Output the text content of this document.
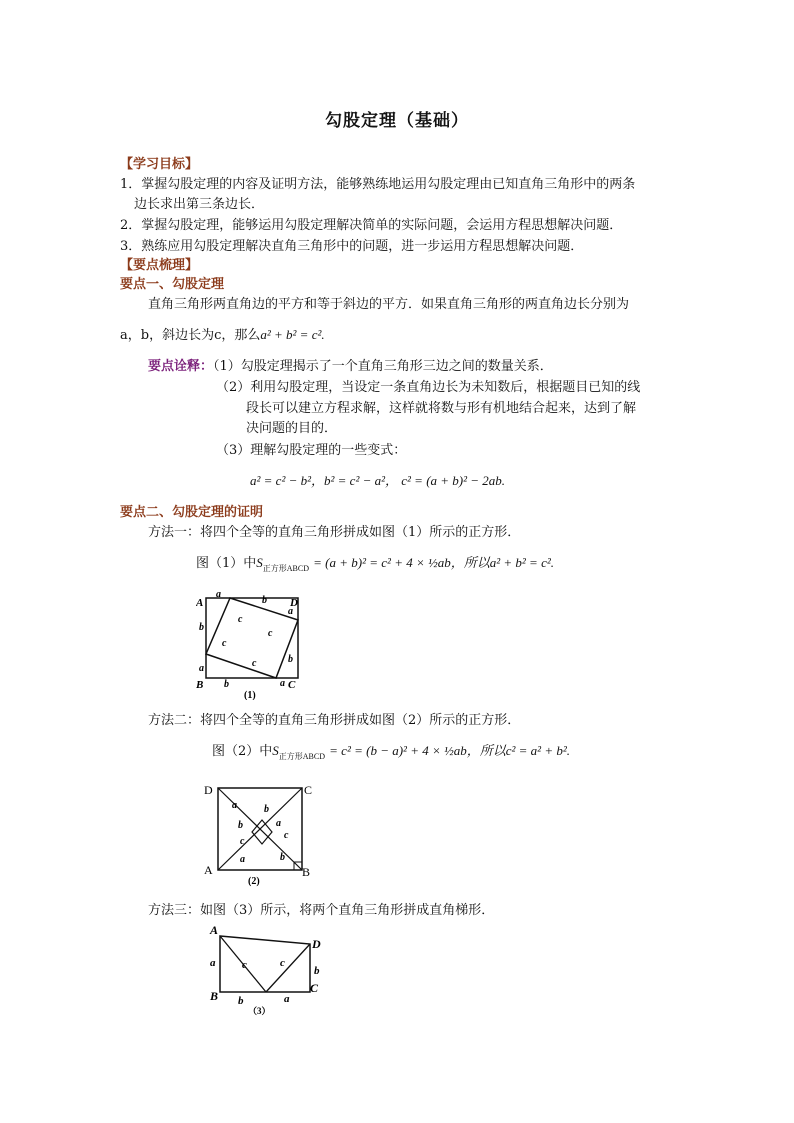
勾股定理（基础）
【学习目标】
1．掌握勾股定理的内容及证明方法，能够熟练地运用勾股定理由已知直角三角形中的两条
边长求出第三条边长．
2．掌握勾股定理，能够运用勾股定理解决简单的实际问题，会运用方程思想解决问题．
3．熟练应用勾股定理解决直角三角形中的问题，进一步运用方程思想解决问题．
【要点梳理】
要点一、勾股定理
直角三角形两直角边的平方和等于斜边的平方．如果直角三角形的两直角边长分别为
a，b，斜边长为c，那么a² + b² = c².
要点诠释：（1）勾股定理揭示了一个直角三角形三边之间的数量关系．
（2）利用勾股定理，当设定一条直角边长为未知数后，根据题目已知的线
段长可以建立方程求解，这样就将数与形有机地结合起来，达到了解
决问题的目的．
（3）理解勾股定理的一些变式：
a² = c² − b²，b² = c² − a²， c² = (a + b)² − 2ab.
要点二、勾股定理的证明
方法一：将四个全等的直角三角形拼成如图（1）所示的正方形．
图（1）中$S_{正方形ABCD} = (a + b)^2 = c^2 + 4$ × ½ab，所以a² + b² = c².
A	D
B	C
a
b
b
a
a
b
b	a
c
c
c
c
(1)
方法二：将四个全等的直角三角形拼成如图（2）所示的正方形．
图（2）中$S_{正方形ABCD} = c^2 = (b - a)^2 + 4$ × ½ab，所以c² = a² + b².
D	C
A	B
a	b
b	a
c
c
a	b
(2)
方法三：如图（3）所示，将两个直角三角形拼成直角梯形．
A
D
B
C
a
b
c	c
b	a
（3）
